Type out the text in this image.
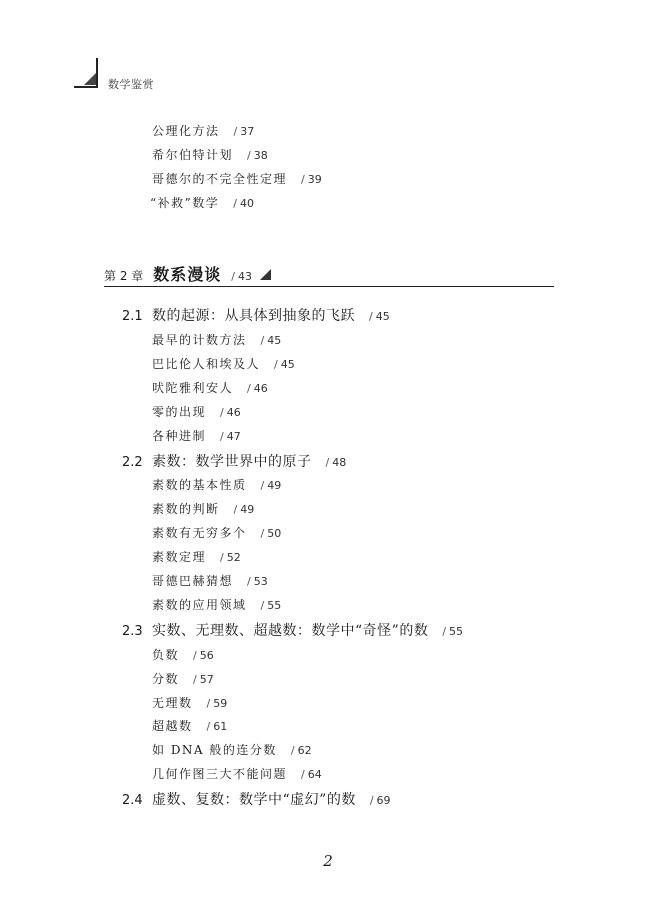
数学鉴赏
公理化方法 / 37
希尔伯特计划 / 38
哥德尔的不完全性定理 / 39
“补救”数学 / 40
第 2 章 数系漫谈 / 43
2.1 数的起源：从具体到抽象的飞跃 / 45
最早的计数方法 / 45
巴比伦人和埃及人 / 45
吠陀雅利安人 / 46
零的出现 / 46
各种进制 / 47
2.2 素数：数学世界中的原子 / 48
素数的基本性质 / 49
素数的判断 / 49
素数有无穷多个 / 50
素数定理 / 52
哥德巴赫猜想 / 53
素数的应用领域 / 55
2.3 实数、无理数、超越数：数学中“奇怪”的数 / 55
负数 / 56
分数 / 57
无理数 / 59
超越数 / 61
如 DNA 般的连分数 / 62
几何作图三大不能问题 / 64
2.4 虚数、复数：数学中“虚幻”的数 / 69
2
